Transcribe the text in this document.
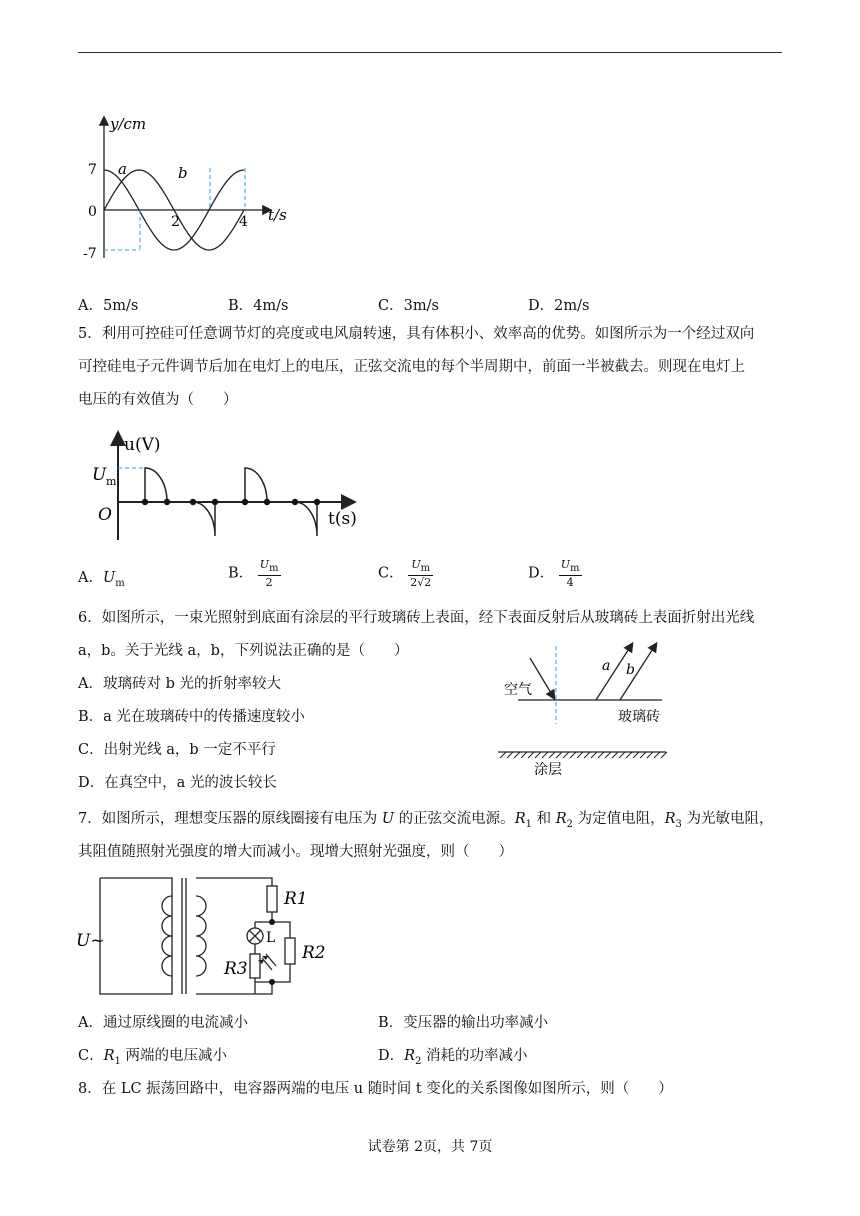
y/cm
t/s
7
0
-7
2	4
a	b
A．5m/s	B．4m/s	C．3m/s	D．2m/s
5．利用可控硅可任意调节灯的亮度或电风扇转速，具有体积小、效率高的优势。如图所示为一个经过双向
可控硅电子元件调节后加在电灯上的电压，正弦交流电的每个半周期中，前面一半被截去。则现在电灯上
电压的有效值为（　　）
u(V)
U m
O	t(s)
A．$U_m$
B． $\frac{U_m}{2}$	C． $\frac{U_m}{2√2}$	D． $\frac{U_m}{4}$
6．如图所示，一束光照射到底面有涂层的平行玻璃砖上表面，经下表面反射后从玻璃砖上表面折射出光线
a，b。关于光线 a，b，下列说法正确的是（　　）
A．玻璃砖对 b 光的折射率较大
B．a 光在玻璃砖中的传播速度较小
C．出射光线 a，b 一定不平行
D．在真空中，a 光的波长较长
空气
玻璃砖
涂层
a b
7．如图所示，理想变压器的原线圈接有电压为 U 的正弦交流电源。$R_1$ 和 $R_2$ 为定值电阻，$R_3$ 为光敏电阻，
其阻值随照射光强度的增大而减小。现增大照射光强度，则（　　）
U~
R1
R2
R3
L
A．通过原线圈的电流减小	B．变压器的输出功率减小
C．$R_1$ 两端的电压减小	D．$R_2$ 消耗的功率减小
8．在 LC 振荡回路中，电容器两端的电压 u 随时间 t 变化的关系图像如图所示，则（　　）
试卷第 2页，共 7页
